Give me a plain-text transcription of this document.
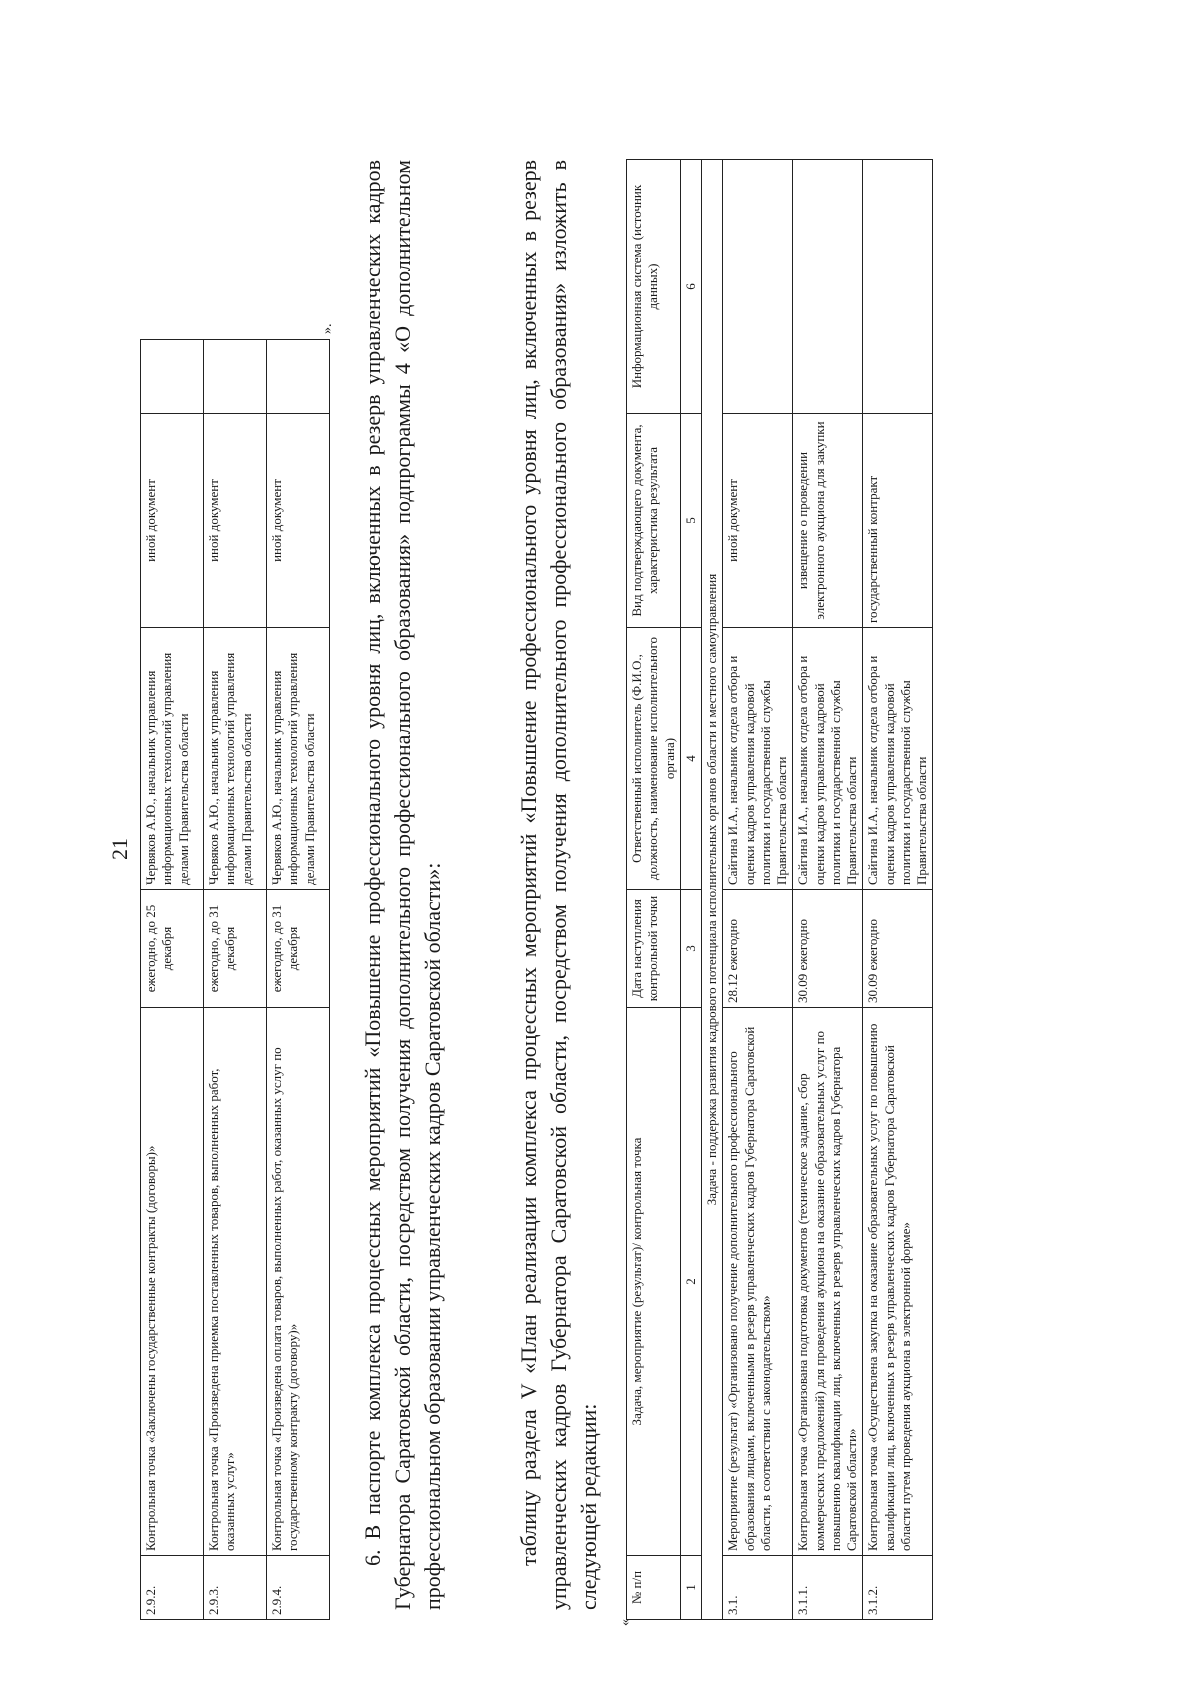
21
2.9.2.	Контрольная точка «Заключены государственные контракты (договоры)»	ежегодно, до 25 декабря	Червяков А.Ю., начальник управления информационных технологий управления делами Правительства области	иной документ	
2.9.3.	Контрольная точка «Произведена приемка поставленных товаров, выполненных работ, оказанных услуг»	ежегодно, до 31 декабря	Червяков А.Ю., начальник управления информационных технологий управления делами Правительства области	иной документ	
2.9.4.	Контрольная точка «Произведена оплата товаров, выполненных работ, оказанных услуг по государственному контракту (договору)»	ежегодно, до 31 декабря	Червяков А.Ю., начальник управления информационных технологий управления делами Правительства области	иной документ	
». 6. В паспорте комплекса процессных мероприятий «Повышение профессионального уровня лиц, включенных в резерв управленческих кадров Губернатора Саратовской области, посредством получения дополнительного профессионального образования» подпрограммы 4 «О дополнительном профессиональном образовании управленческих кадров Саратовской области»:	таблицу раздела V «План реализации комплекса процессных мероприятий «Повышение профессионального уровня лиц, включенных в резерв управленческих кадров Губернатора Саратовской области, посредством получения дополнительного профессионального образования» изложить в следующей редакции:
«
№ п/п	Задача, мероприятие (результат)/ контрольная точка	Дата наступления контрольной точки	Ответственный исполнитель (Ф.И.О., должность, наименование исполнительного органа)	Вид подтверждающего документа, характеристика результата	Информационная система (источник данных)
1	2	3	4	5	6
Задача - поддержка развития кадрового потенциала исполнительных органов области и местного самоуправления					
3.1.	Мероприятие (результат) «Организовано получение дополнительного профессионального образования лицами, включенными в резерв управленческих кадров Губернатора Саратовской области, в соответствии с законодательством»	28.12 ежегодно	Сайгина И.А., начальник отдела отбора и оценки кадров управления кадровой политики и государственной службы Правительства области	иной документ	
3.1.1.	Контрольная точка «Организована подготовка документов (техническое задание, сбор коммерческих предложений) для проведения аукциона на оказание образовательных услуг по повышению квалификации лиц, включенных в резерв управленческих кадров Губернатора Саратовской области»	30.09 ежегодно	Сайгина И.А., начальник отдела отбора и оценки кадров управления кадровой политики и государственной службы Правительства области	извещение о проведении электронного аукциона для закупки	
3.1.2.	Контрольная точка «Осуществлена закупка на оказание образовательных услуг по повышению квалификации лиц, включенных в резерв управленческих кадров Губернатора Саратовской области путем проведения аукциона в электронной форме»	30.09 ежегодно	Сайгина И.А., начальник отдела отбора и оценки кадров управления кадровой политики и государственной службы Правительства области	государственный контракт	
